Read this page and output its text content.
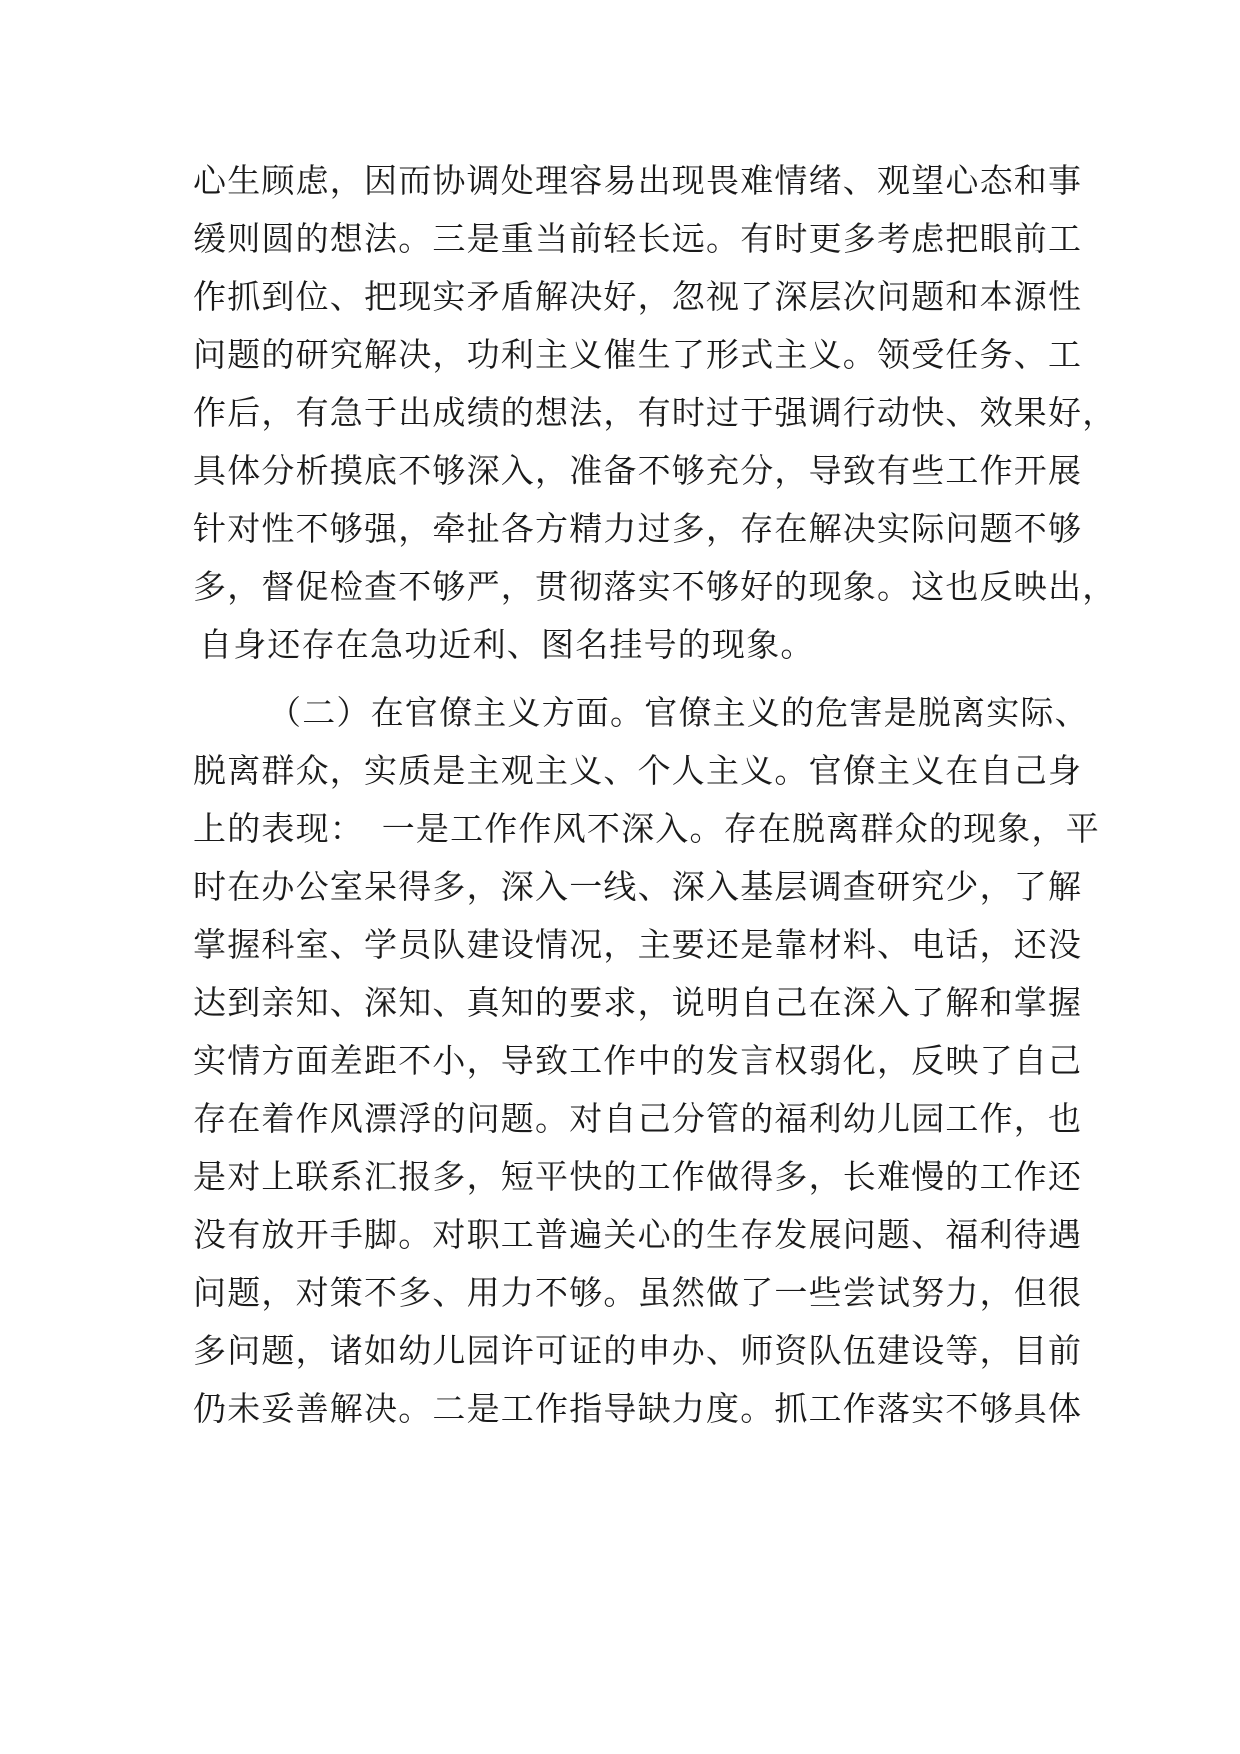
心生顾虑，因而协调处理容易出现畏难情绪、观望心态和事
缓则圆的想法。三是重当前轻长远。有时更多考虑把眼前工
作抓到位、把现实矛盾解决好，忽视了深层次问题和本源性
问题的研究解决，功利主义催生了形式主义。领受任务、工
作后，有急于出成绩的想法，有时过于强调行动快、效果好，
具体分析摸底不够深入，准备不够充分，导致有些工作开展
针对性不够强，牵扯各方精力过多，存在解决实际问题不够
多，督促检查不够严，贯彻落实不够好的现象。这也反映出，
自身还存在急功近利、图名挂号的现象。
（二）在官僚主义方面。官僚主义的危害是脱离实际、
脱离群众，实质是主观主义、个人主义。官僚主义在自己身
上的表现：　一是工作作风不深入。存在脱离群众的现象，平
时在办公室呆得多，深入一线、深入基层调查研究少，了解
掌握科室、学员队建设情况，主要还是靠材料、电话，还没
达到亲知、深知、真知的要求，说明自己在深入了解和掌握
实情方面差距不小，导致工作中的发言权弱化，反映了自己
存在着作风漂浮的问题。对自己分管的福利幼儿园工作，也
是对上联系汇报多，短平快的工作做得多，长难慢的工作还
没有放开手脚。对职工普遍关心的生存发展问题、福利待遇
问题，对策不多、用力不够。虽然做了一些尝试努力，但很
多问题，诸如幼儿园许可证的申办、师资队伍建设等，目前
仍未妥善解决。二是工作指导缺力度。抓工作落实不够具体
